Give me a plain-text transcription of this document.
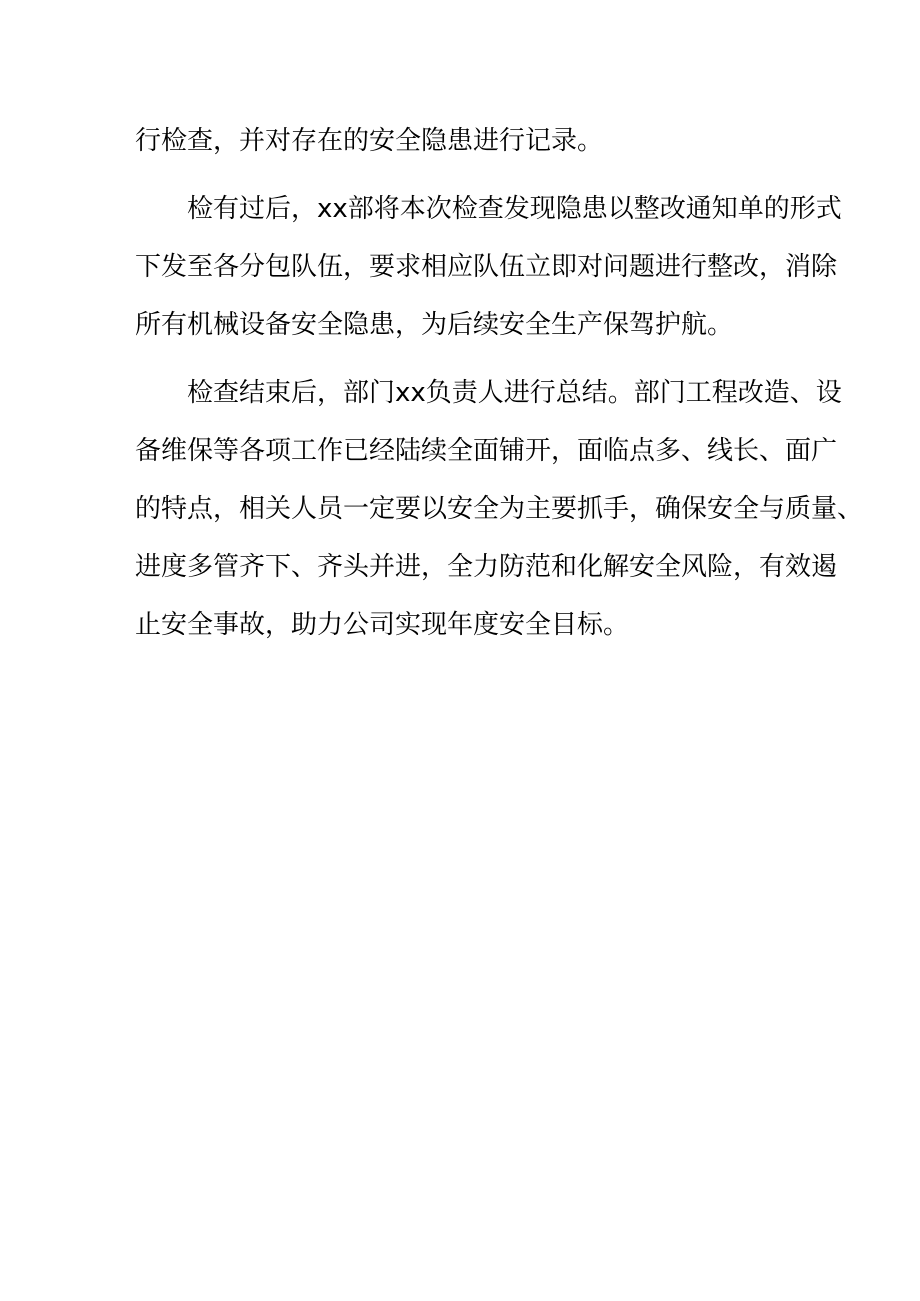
行检查，并对存在的安全隐患进行记录。
检有过后，xx部将本次检查发现隐患以整改通知单的形式
下发至各分包队伍，要求相应队伍立即对问题进行整改，消除
所有机械设备安全隐患，为后续安全生产保驾护航。
检查结束后，部门xx负责人进行总结。部门工程改造、设
备维保等各项工作已经陆续全面铺开，面临点多、线长、面广
的特点，相关人员一定要以安全为主要抓手，确保安全与质量、
进度多管齐下、齐头并进，全力防范和化解安全风险，有效遏
止安全事故，助力公司实现年度安全目标。
